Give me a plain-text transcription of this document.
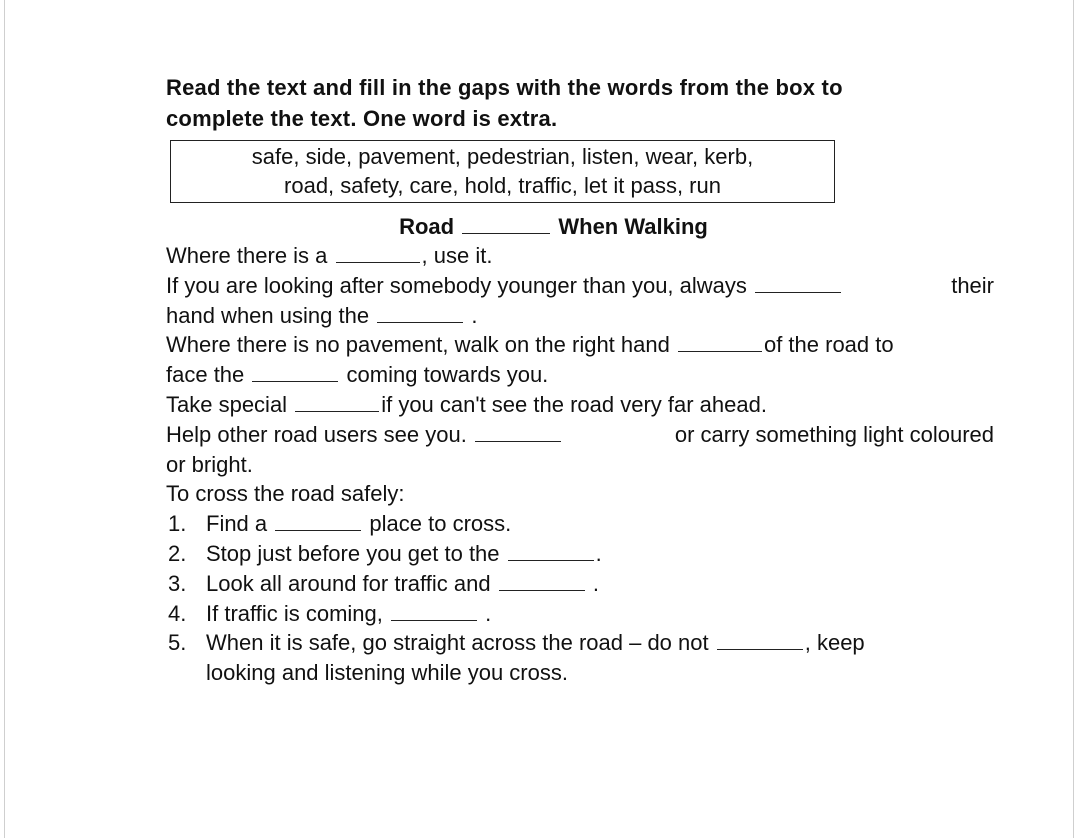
Read the text and fill in the gaps with the words from the box to
complete the text. One word is extra.
safe, side, pavement, pedestrian, listen, wear, kerb,
road, safety, care, hold, traffic, let it pass, run
Road	When Walking
Where there is a	, use it.
If you are looking after somebody younger than you, always	their
hand when using the	.
Where there is no pavement, walk on the right hand	of the road to
face the	coming towards you.
Take special	if you can't see the road very far ahead.
Help other road users see you.	or carry something light coloured
or bright.
To cross the road safely:
1. Find a	place to cross.
2. Stop just before you get to the	.
3. Look all around for traffic and	.
4. If traffic is coming,	.
5. When it is safe, go straight across the road – do not	, keep
looking and listening while you cross.
